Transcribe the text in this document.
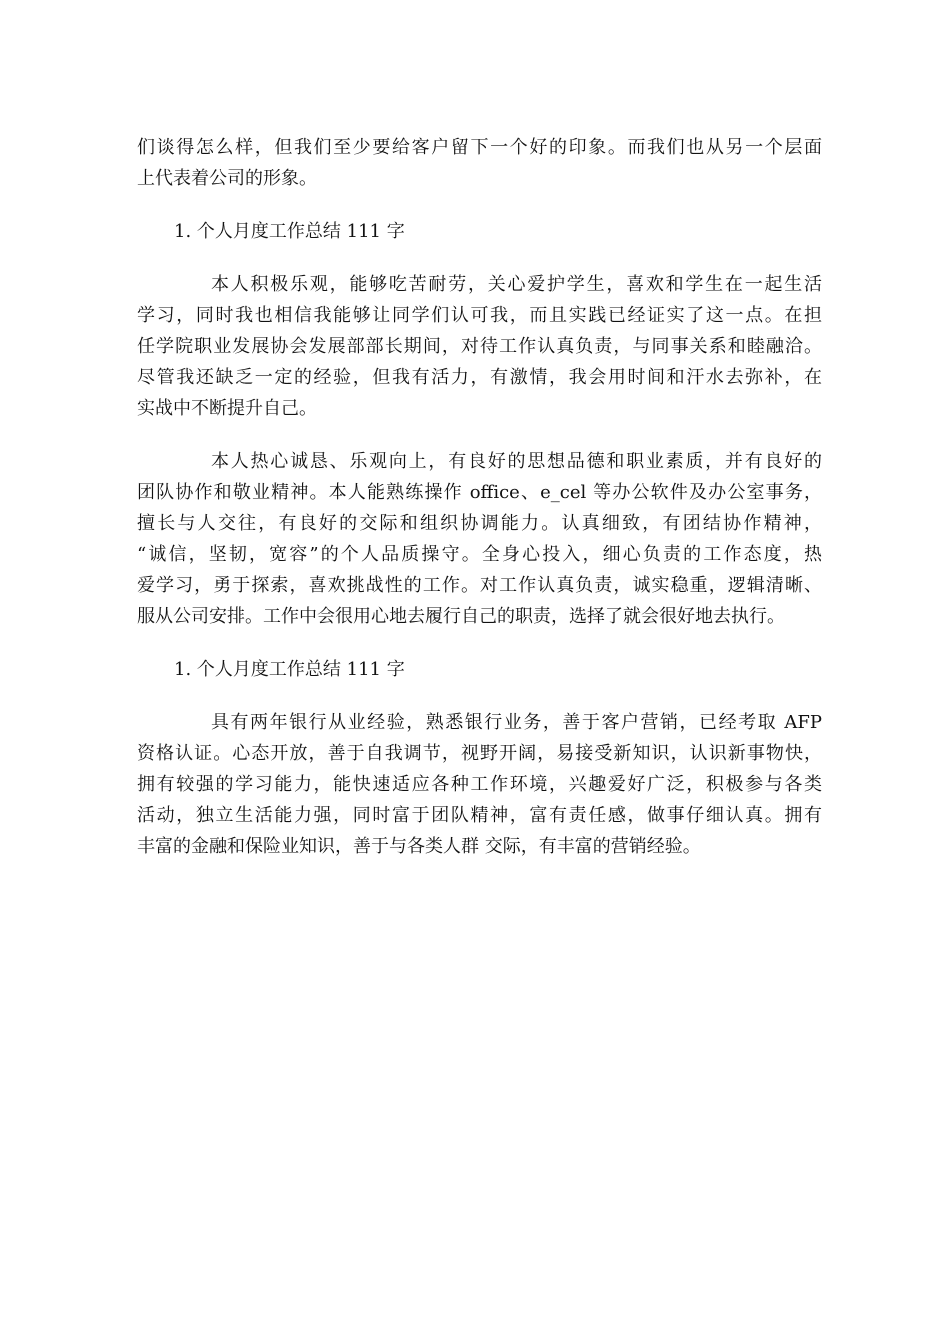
们谈得怎么样，但我们至少要给客户留下一个好的印象。而我们也从另一个层面
上代表着公司的形象。
1. 个人月度工作总结 111 字
本人积极乐观，能够吃苦耐劳，关心爱护学生，喜欢和学生在一起生活
学习，同时我也相信我能够让同学们认可我，而且实践已经证实了这一点。在担
任学院职业发展协会发展部部长期间，对待工作认真负责，与同事关系和睦融洽。
尽管我还缺乏一定的经验，但我有活力，有激情，我会用时间和汗水去弥补，在
实战中不断提升自己。
本人热心诚恳、乐观向上，有良好的思想品德和职业素质，并有良好的
团队协作和敬业精神。本人能熟练操作 office、e_cel 等办公软件及办公室事务，
擅长与人交往，有良好的交际和组织协调能力。认真细致，有团结协作精神，
“诚信，坚韧，宽容”的个人品质操守。全身心投入，细心负责的工作态度，热
爱学习，勇于探索，喜欢挑战性的工作。对工作认真负责，诚实稳重，逻辑清晰、
服从公司安排。工作中会很用心地去履行自己的职责，选择了就会很好地去执行。
1. 个人月度工作总结 111 字
具有两年银行从业经验，熟悉银行业务，善于客户营销，已经考取 AFP
资格认证。心态开放，善于自我调节，视野开阔，易接受新知识，认识新事物快，
拥有较强的学习能力，能快速适应各种工作环境，兴趣爱好广泛，积极参与各类
活动，独立生活能力强，同时富于团队精神，富有责任感，做事仔细认真。拥有
丰富的金融和保险业知识，善于与各类人群 交际，有丰富的营销经验。
